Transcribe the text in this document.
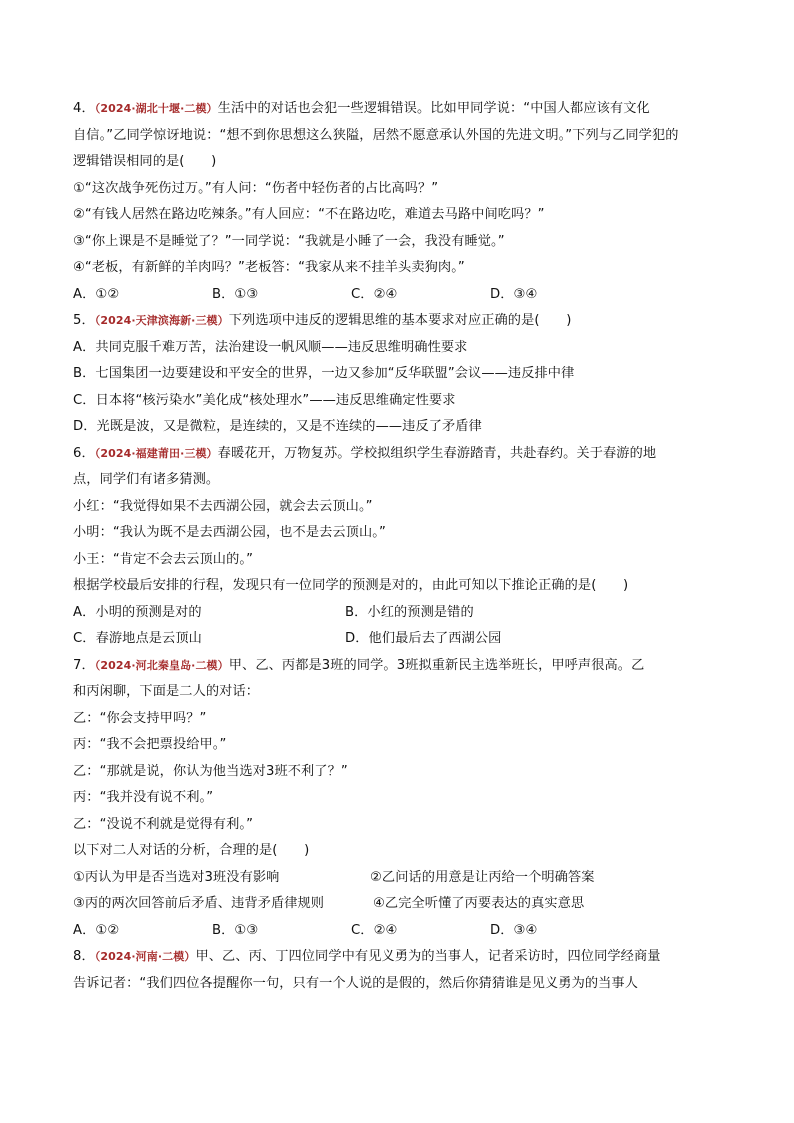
4．（2024·湖北十堰·二模）生活中的对话也会犯一些逻辑错误。比如甲同学说：“中国人都应该有文化
自信。”乙同学惊讶地说：“想不到你思想这么狭隘，居然不愿意承认外国的先进文明。”下列与乙同学犯的
逻辑错误相同的是(　　)
①“这次战争死伤过万。”有人问：“伤者中轻伤者的占比高吗？”
②“有钱人居然在路边吃辣条。”有人回应：“不在路边吃，难道去马路中间吃吗？”
③“你上课是不是睡觉了？”一同学说：“我就是小睡了一会，我没有睡觉。”
④“老板，有新鲜的羊肉吗？”老板答：“我家从来不挂羊头卖狗肉。”
A．①②	B．①③	C．②④	D．③④
5．（2024·天津滨海新·三模）下列选项中违反的逻辑思维的基本要求对应正确的是(　　)
A．共同克服千难万苦，法治建设一帆风顺——违反思维明确性要求
B．七国集团一边要建设和平安全的世界，一边又参加“反华联盟”会议——违反排中律
C．日本将“核污染水”美化成“核处理水”——违反思维确定性要求
D．光既是波，又是微粒，是连续的，又是不连续的——违反了矛盾律
6．（2024·福建莆田·三模）春暖花开，万物复苏。学校拟组织学生春游踏青，共赴春约。关于春游的地
点，同学们有诸多猜测。
小红：“我觉得如果不去西湖公园，就会去云顶山。”
小明：“我认为既不是去西湖公园，也不是去云顶山。”
小王：“肯定不会去云顶山的。”
根据学校最后安排的行程，发现只有一位同学的预测是对的，由此可知以下推论正确的是(　　)
A．小明的预测是对的	B．小红的预测是错的
C．春游地点是云顶山	D．他们最后去了西湖公园
7．（2024·河北秦皇岛·二模）甲、乙、丙都是3班的同学。3班拟重新民主选举班长，甲呼声很高。乙
和丙闲聊，下面是二人的对话：
乙：“你会支持甲吗？”
丙：“我不会把票投给甲。”
乙：“那就是说，你认为他当选对3班不利了？”
丙：“我并没有说不利。”
乙：“没说不利就是觉得有利。”
以下对二人对话的分析，合理的是(　　)
①丙认为甲是否当选对3班没有影响	②乙问话的用意是让丙给一个明确答案
③丙的两次回答前后矛盾、违背矛盾律规则	④乙完全听懂了丙要表达的真实意思
A．①②	B．①③	C．②④	D．③④
8．（2024·河南·二模）甲、乙、丙、丁四位同学中有见义勇为的当事人，记者采访时，四位同学经商量
告诉记者：“我们四位各提醒你一句，只有一个人说的是假的，然后你猜猜谁是见义勇为的当事人
